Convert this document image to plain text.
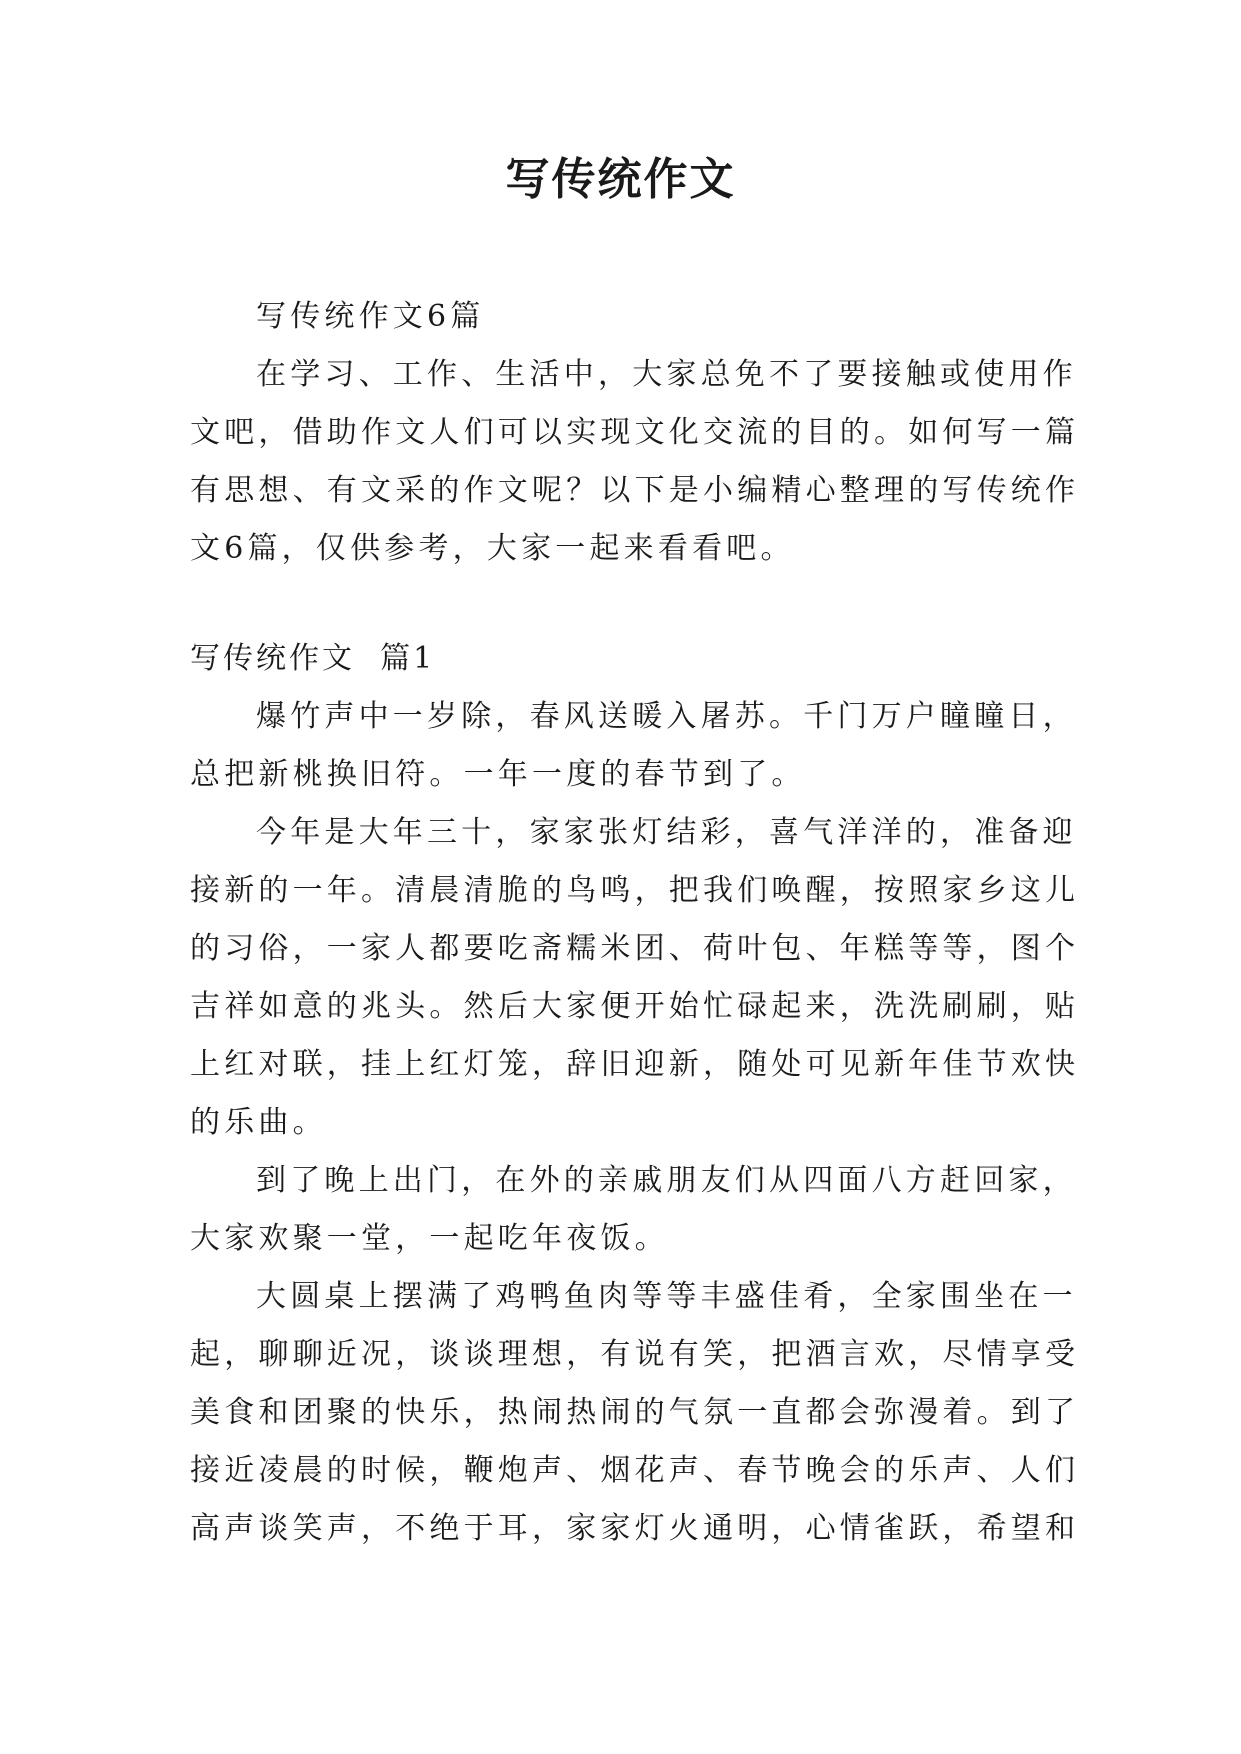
写传统作文

写传统作文6篇

在学习、工作、生活中，大家总免不了要接触或使用作

文吧，借助作文人们可以实现文化交流的目的。如何写一篇

有思想、有文采的作文呢？以下是小编精心整理的写传统作

文6篇，仅供参考，大家一起来看看吧。

写传统作文  篇1

爆竹声中一岁除，春风送暖入屠苏。千门万户瞳瞳日，

总把新桃换旧符。一年一度的春节到了。

今年是大年三十，家家张灯结彩，喜气洋洋的，准备迎

接新的一年。清晨清脆的鸟鸣，把我们唤醒，按照家乡这儿

的习俗，一家人都要吃斋糯米团、荷叶包、年糕等等，图个

吉祥如意的兆头。然后大家便开始忙碌起来，洗洗刷刷，贴

上红对联，挂上红灯笼，辞旧迎新，随处可见新年佳节欢快

的乐曲。

到了晚上出门，在外的亲戚朋友们从四面八方赶回家，

大家欢聚一堂，一起吃年夜饭。

大圆桌上摆满了鸡鸭鱼肉等等丰盛佳肴，全家围坐在一

起，聊聊近况，谈谈理想，有说有笑，把酒言欢，尽情享受

美食和团聚的快乐，热闹热闹的气氛一直都会弥漫着。到了

接近凌晨的时候，鞭炮声、烟花声、春节晚会的乐声、人们

高声谈笑声，不绝于耳，家家灯火通明，心情雀跃，希望和
